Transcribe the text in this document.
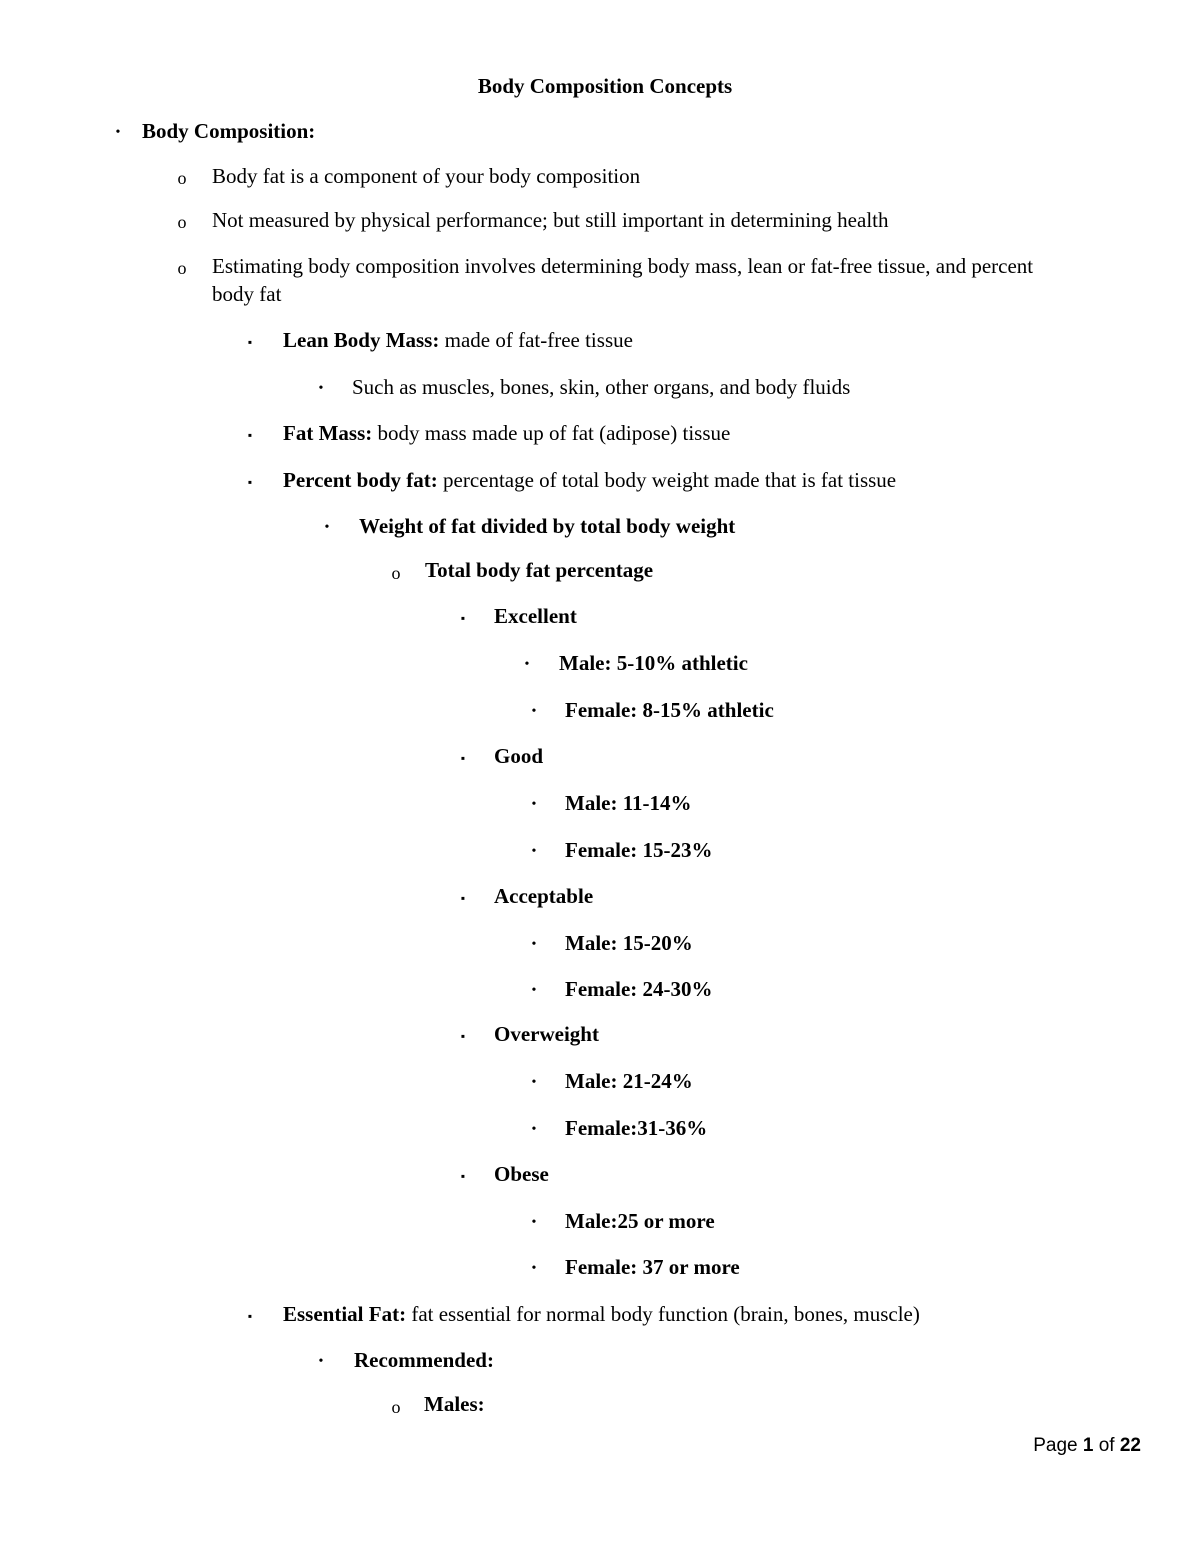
Body Composition Concepts
•	Body Composition:
o Body fat is a component of your body composition
o Not measured by physical performance; but still important in determining health
o Estimating body composition involves determining body mass, lean or fat-free tissue, and percent body fat
▪	Lean Body Mass: made of fat-free tissue
•	Such as muscles, bones, skin, other organs, and body fluids
▪	Fat Mass: body mass made up of fat (adipose) tissue
▪	Percent body fat: percentage of total body weight made that is fat tissue
•	Weight of fat divided by total body weight
o Total body fat percentage
▪	Excellent
•	Male: 5-10% athletic
•	Female: 8-15% athletic
▪	Good
•	Male: 11-14%
•	Female: 15-23%
▪	Acceptable
•	Male: 15-20%
•	Female: 24-30%
▪	Overweight
•	Male: 21-24%
•	Female:31-36%
▪	Obese
•	Male:25 or more
•	Female: 37 or more
▪	Essential Fat: fat essential for normal body function (brain, bones, muscle)
•	Recommended:
o Males:
Page 1 of 22
